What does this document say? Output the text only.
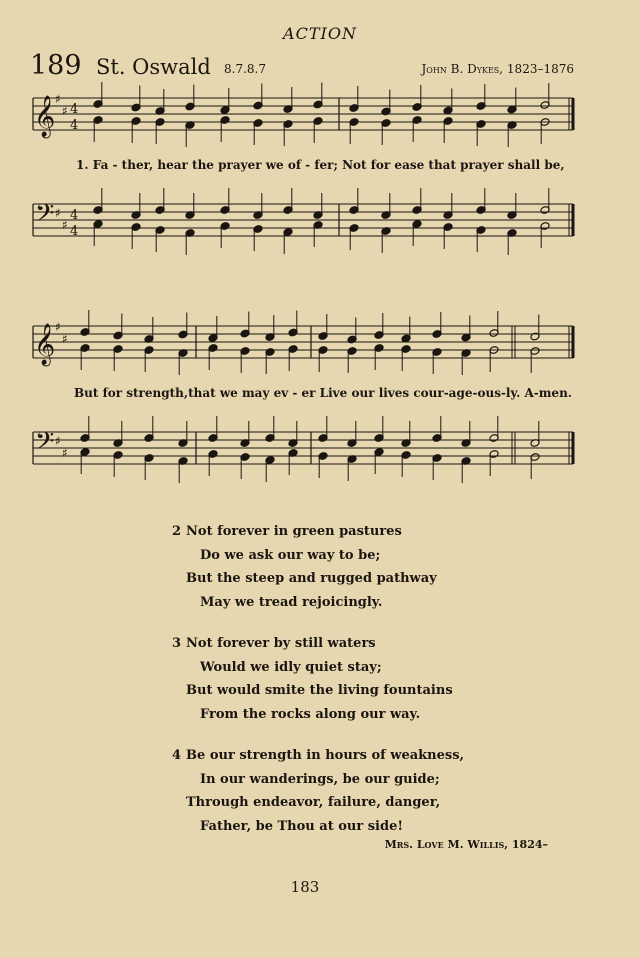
ACTION
189 St. Oswald 8.7.8.7	John B. Dykes, 1823–1876
𝄞
𝄢
♯
♯
♯
♯
4
4
4
4
1. Fa - ther, hear the prayer we of - fer; Not for ease that prayer shall be,
𝄞
𝄢
♯
♯
♯
♯
But for strength,that we may ev - er Live our lives cour-age-ous-ly. A-men.
2 Not forever in green pastures
Do we ask our way to be;
But the steep and rugged pathway
May we tread rejoicingly.
3 Not forever by still waters
Would we idly quiet stay;
But would smite the living fountains
From the rocks along our way.
4 Be our strength in hours of weakness,
In our wanderings, be our guide;
Through endeavor, failure, danger,
Father, be Thou at our side!
Mrs. Love M. Willis, 1824–
183
